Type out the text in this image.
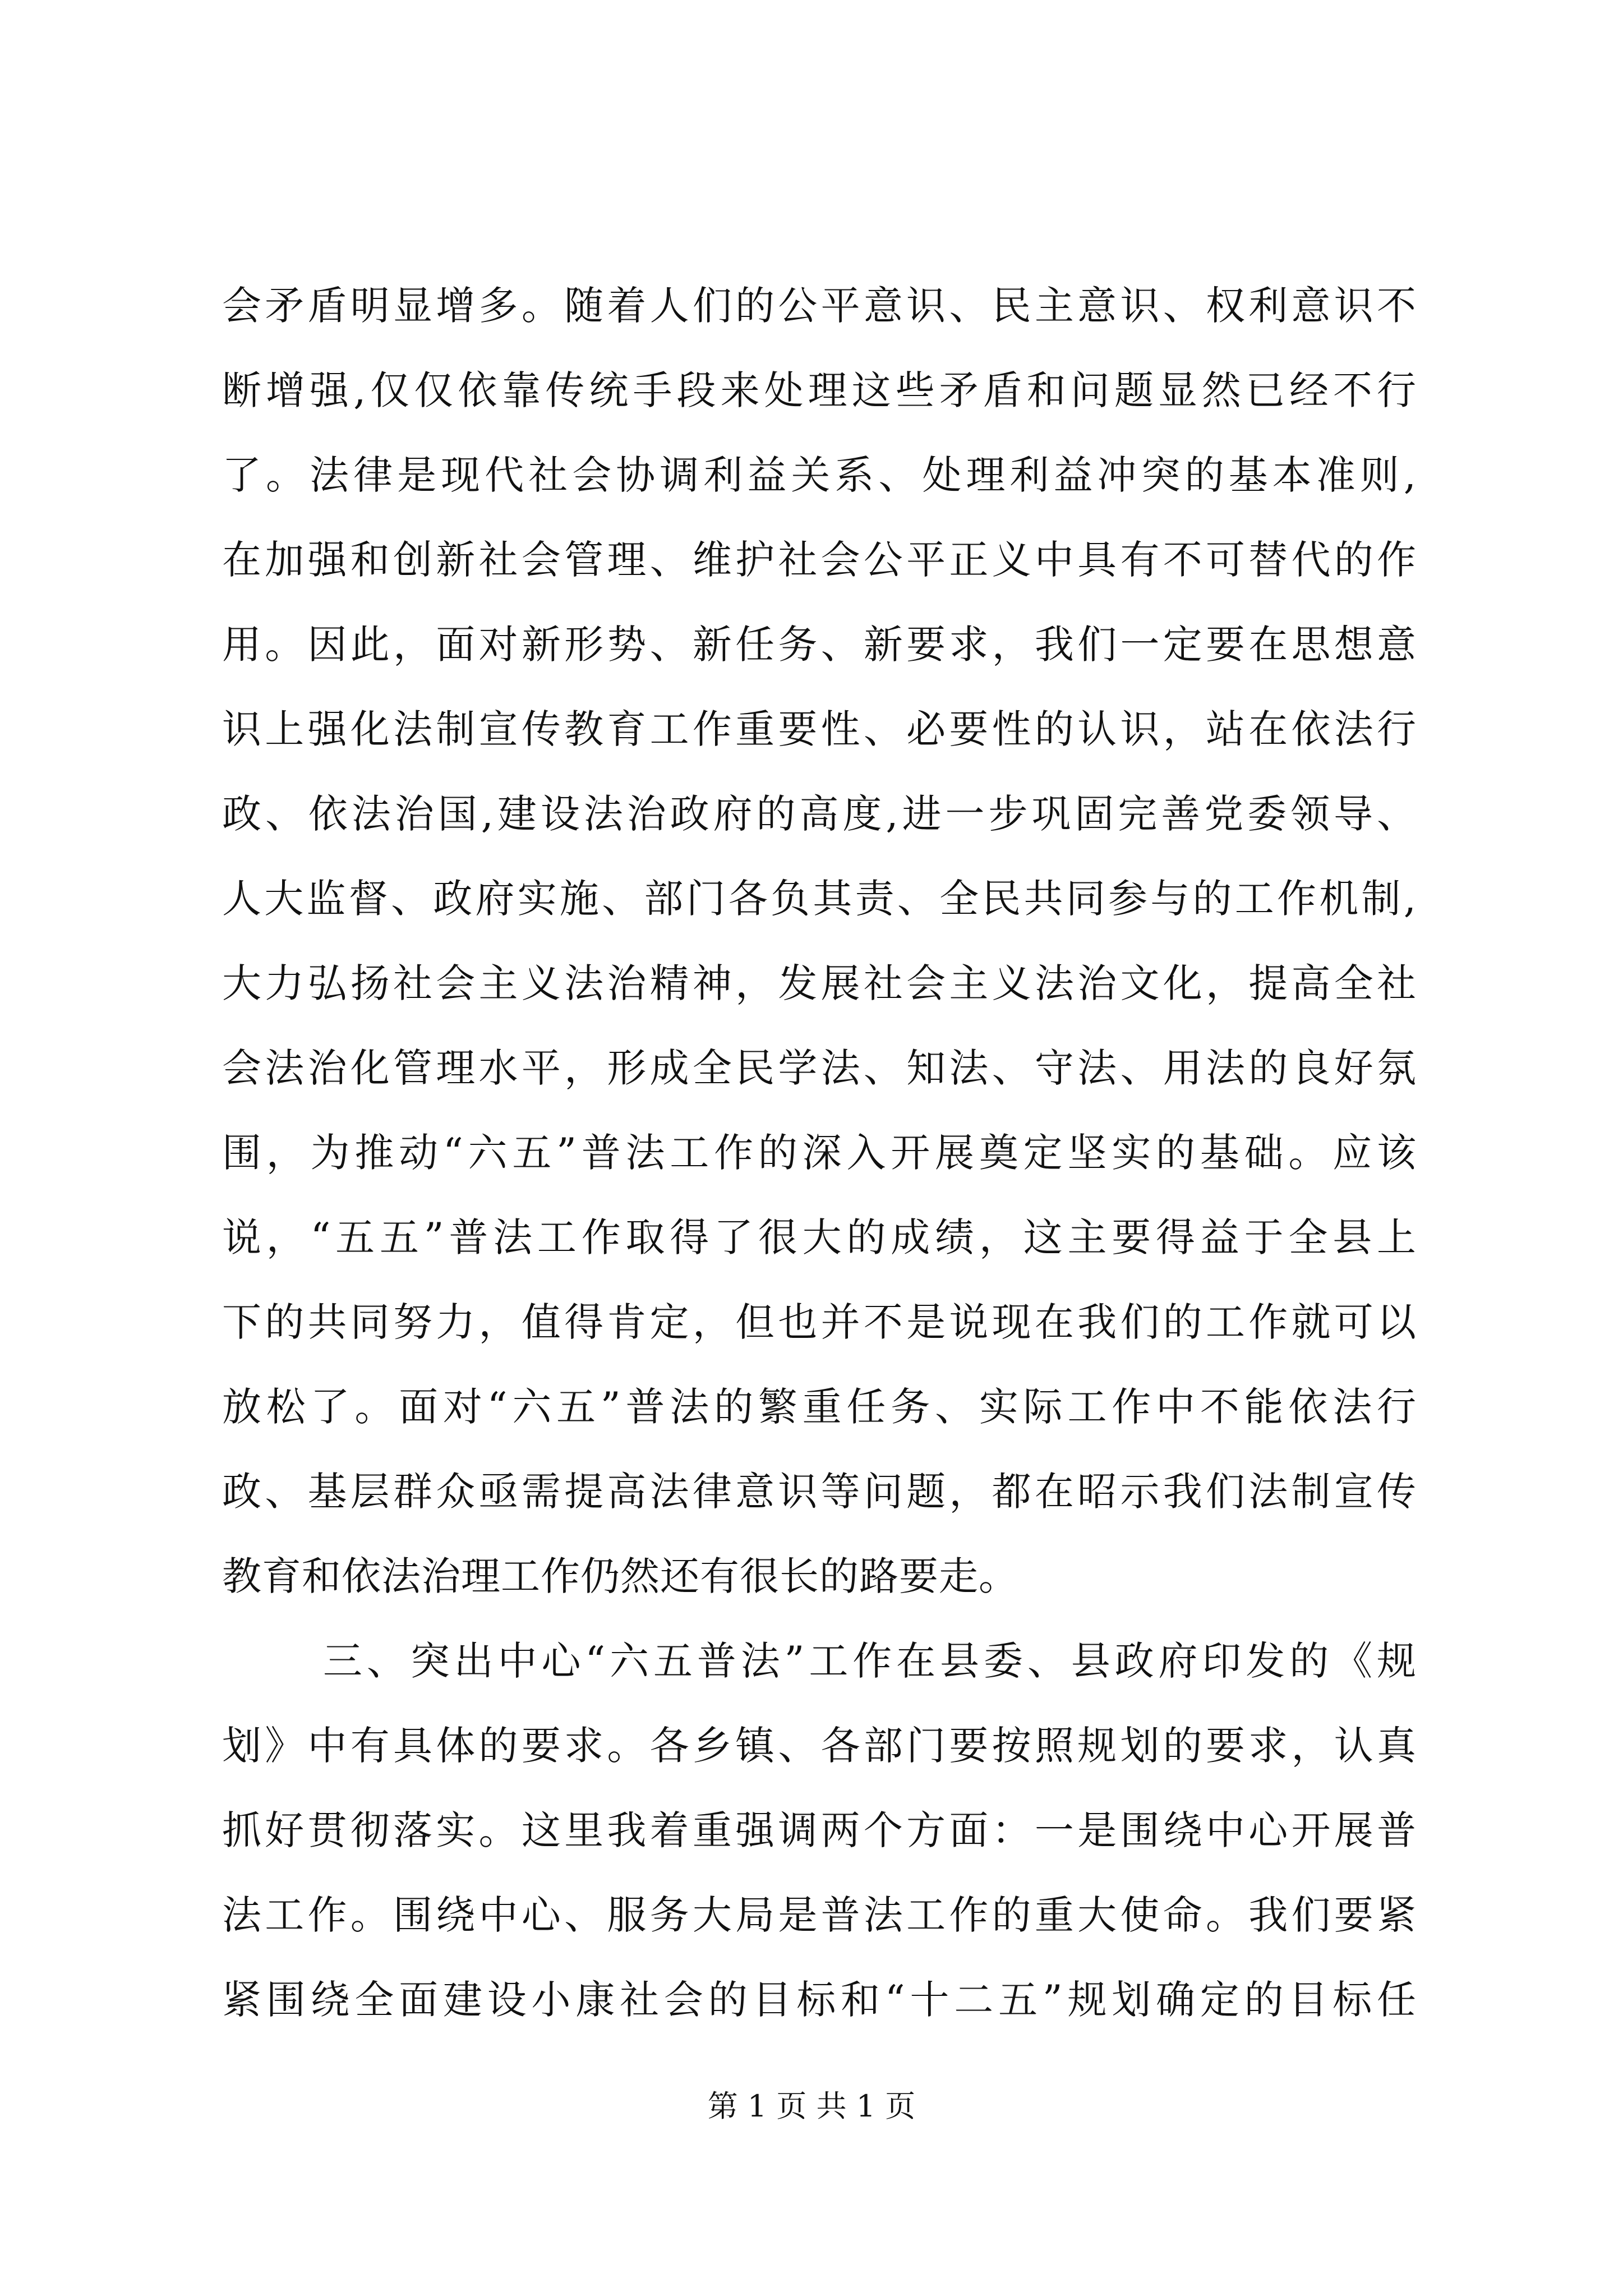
会矛盾明显增多。随着人们的公平意识、民主意识、权利意识不
断增强,仅仅依靠传统手段来处理这些矛盾和问题显然已经不行
了。法律是现代社会协调利益关系、处理利益冲突的基本准则,
在加强和创新社会管理、维护社会公平正义中具有不可替代的作
用。因此，面对新形势、新任务、新要求，我们一定要在思想意
识上强化法制宣传教育工作重要性、必要性的认识，站在依法行
政、依法治国,建设法治政府的高度,进一步巩固完善党委领导、
人大监督、政府实施、部门各负其责、全民共同参与的工作机制,
大力弘扬社会主义法治精神，发展社会主义法治文化，提高全社
会法治化管理水平，形成全民学法、知法、守法、用法的良好氛
围，为推动“六五”普法工作的深入开展奠定坚实的基础。应该
说，“五五”普法工作取得了很大的成绩，这主要得益于全县上
下的共同努力，值得肯定，但也并不是说现在我们的工作就可以
放松了。面对“六五”普法的繁重任务、实际工作中不能依法行
政、基层群众亟需提高法律意识等问题，都在昭示我们法制宣传
教育和依法治理工作仍然还有很长的路要走。
三、突出中心“六五普法”工作在县委、县政府印发的《规
划》中有具体的要求。各乡镇、各部门要按照规划的要求，认真
抓好贯彻落实。这里我着重强调两个方面：一是围绕中心开展普
法工作。围绕中心、服务大局是普法工作的重大使命。我们要紧
紧围绕全面建设小康社会的目标和“十二五”规划确定的目标任
第 1 页 共 1 页
